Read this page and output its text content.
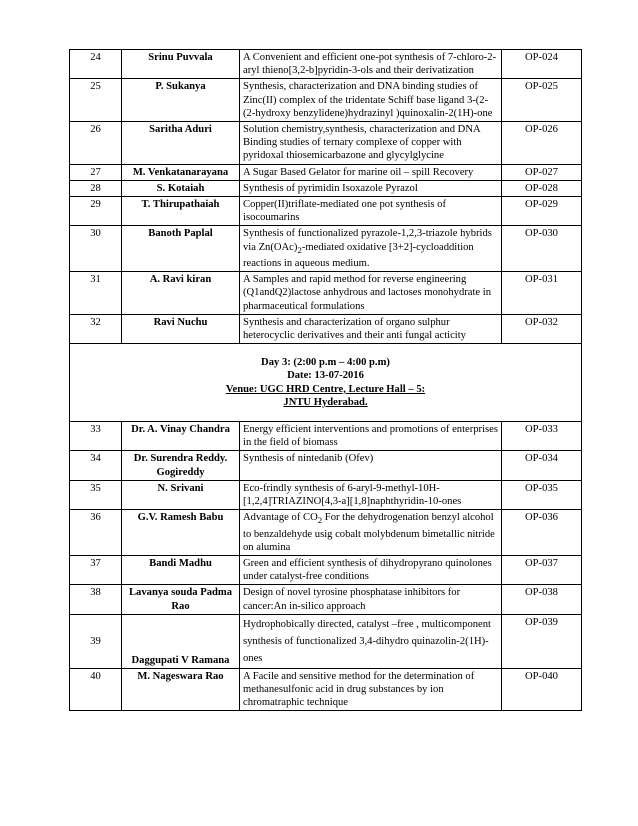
24	Srinu Puvvala	A Convenient and efficient one-pot synthesis of 7-chloro-2-aryl thieno[3,2-b]pyridin-3-ols and their derivatization	OP-024
25	P. Sukanya	Synthesis, characterization and DNA binding studies of Zinc(II) complex of the tridentate Schiff base ligand 3-(2-(2-hydroxy benzylidene)hydrazinyl )quinoxalin-2(1H)-one	OP-025
26	Saritha Aduri	Solution chemistry,synthesis, characterization and DNA Binding studies of ternary complexe of copper with pyridoxal thiosemicarbazone and glycylglycine	OP-026
27	M. Venkatanarayana	A Sugar Based Gelator for marine oil – spill Recovery	OP-027
28	S. Kotaiah	Synthesis of pyrimidin Isoxazole Pyrazol	OP-028
29	T. Thirupathaiah	Copper(II)triflate-mediated one pot synthesis of isocoumarins	OP-029
30	Banoth Paplal	Synthesis of functionalized pyrazole-1,2,3-triazole hybrids via $Zn(OAc)_2$-mediated oxidative [3+2]-cycloaddition reactions in aqueous medium.	OP-030
31	A. Ravi kiran	A Samples and rapid method for reverse engineering (Q1andQ2)lactose anhydrous and lactoses monohydrate in pharmaceutical formulations	OP-031
32	Ravi Nuchu	Synthesis and characterization of organo sulphur heterocyclic derivatives and their anti fungal acticity	OP-032

Day 3: (2:00 p.m – 4:00 p.m)
Date: 13-07-2016
Venue: UGC HRD Centre, Lecture Hall – 5:
JNTU Hyderabad.			

33	Dr. A. Vinay Chandra	Energy efficient interventions and promotions of enterprises in the field of biomass	OP-033
34	Dr. Surendra Reddy. Gogireddy	Synthesis of nintedanib (Ofev)	OP-034
35	N. Srivani	Eco-frindly synthesis of 6-aryl-9-methyl-10H-[1,2,4]TRIAZINO[4,3-a][1,8]naphthyridin-10-ones	OP-035
36	G.V. Ramesh Babu	Advantage of $CO_2$ For the dehydrogenation benzyl alcohol to benzaldehyde usig cobalt molybdenum bimetallic nitride on alumina	OP-036
37	Bandi Madhu	Green and efficient synthesis of dihydropyrano quinolones under catalyst-free conditions	OP-037
38	Lavanya souda Padma Rao	Design of novel tyrosine phosphatase inhibitors for cancer:An in-silico approach	OP-038
39	Daggupati V Ramana	Hydrophobically directed, catalyst –free , multicomponent synthesis of functionalized 3,4-dihydro quinazolin-2(1H)-ones	OP-039
40	M. Nageswara Rao	A Facile and sensitive method for the determination of methanesulfonic acid in drug substances by ion chromatraphic technique	OP-040
